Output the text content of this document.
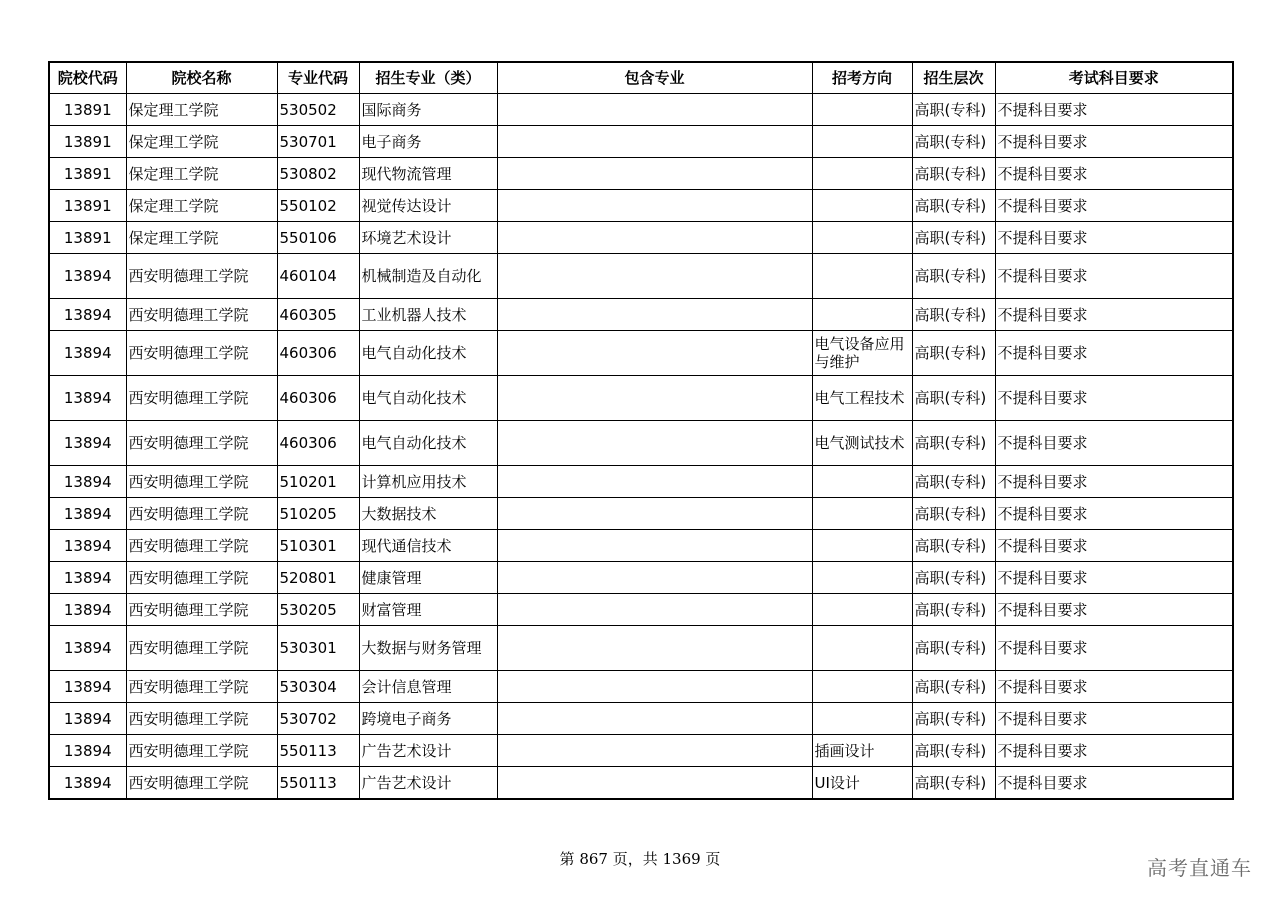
院校代码	院校名称	专业代码	招生专业（类）	包含专业	招考方向	招生层次	考试科目要求
13891	保定理工学院	530502	国际商务			高职(专科)	不提科目要求
13891	保定理工学院	530701	电子商务			高职(专科)	不提科目要求
13891	保定理工学院	530802	现代物流管理			高职(专科)	不提科目要求
13891	保定理工学院	550102	视觉传达设计			高职(专科)	不提科目要求
13891	保定理工学院	550106	环境艺术设计			高职(专科)	不提科目要求
13894	西安明德理工学院	460104	机械制造及自动化			高职(专科)	不提科目要求
13894	西安明德理工学院	460305	工业机器人技术			高职(专科)	不提科目要求
13894	西安明德理工学院	460306	电气自动化技术		电气设备应用与维护	高职(专科)	不提科目要求
13894	西安明德理工学院	460306	电气自动化技术		电气工程技术	高职(专科)	不提科目要求
13894	西安明德理工学院	460306	电气自动化技术		电气测试技术	高职(专科)	不提科目要求
13894	西安明德理工学院	510201	计算机应用技术			高职(专科)	不提科目要求
13894	西安明德理工学院	510205	大数据技术			高职(专科)	不提科目要求
13894	西安明德理工学院	510301	现代通信技术			高职(专科)	不提科目要求
13894	西安明德理工学院	520801	健康管理			高职(专科)	不提科目要求
13894	西安明德理工学院	530205	财富管理			高职(专科)	不提科目要求
13894	西安明德理工学院	530301	大数据与财务管理			高职(专科)	不提科目要求
13894	西安明德理工学院	530304	会计信息管理			高职(专科)	不提科目要求
13894	西安明德理工学院	530702	跨境电子商务			高职(专科)	不提科目要求
13894	西安明德理工学院	550113	广告艺术设计		插画设计	高职(专科)	不提科目要求
13894	西安明德理工学院	550113	广告艺术设计		UI设计	高职(专科)	不提科目要求
第 867 页，共 1369 页	高考直通车
